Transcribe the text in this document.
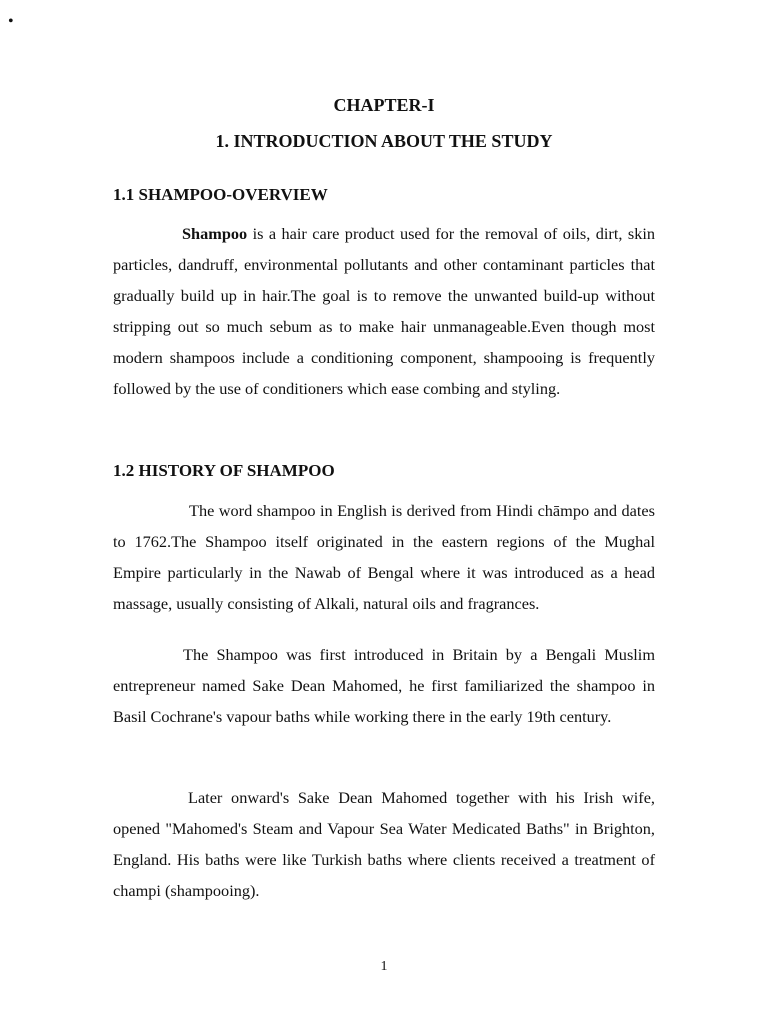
•
CHAPTER-I
1. INTRODUCTION ABOUT THE STUDY
1.1 SHAMPOO-OVERVIEW

Shampoo is a hair care product used for the removal of oils, dirt, skin particles, dandruff, environmental pollutants and other contaminant particles that gradually build up in hair.The goal is to remove the unwanted build-up without stripping out so much sebum as to make hair unmanageable.Even though most modern shampoos include a conditioning component, shampooing is frequently followed by the use of conditioners which ease combing and styling.

1.2 HISTORY OF SHAMPOO

The word shampoo in English is derived from Hindi chāmpo and dates to 1762.The Shampoo itself originated in the eastern regions of the Mughal Empire particularly in the Nawab of Bengal where it was introduced as a head massage, usually consisting of Alkali, natural oils and fragrances.

The Shampoo was first introduced in Britain by a Bengali Muslim entrepreneur named Sake Dean Mahomed, he first familiarized the shampoo in Basil Cochrane's vapour baths while working there in the early 19th century.

Later onward's Sake Dean Mahomed together with his Irish wife, opened "Mahomed's Steam and Vapour Sea Water Medicated Baths" in Brighton, England. His baths were like Turkish baths where clients received a treatment of champi (shampooing).

1
